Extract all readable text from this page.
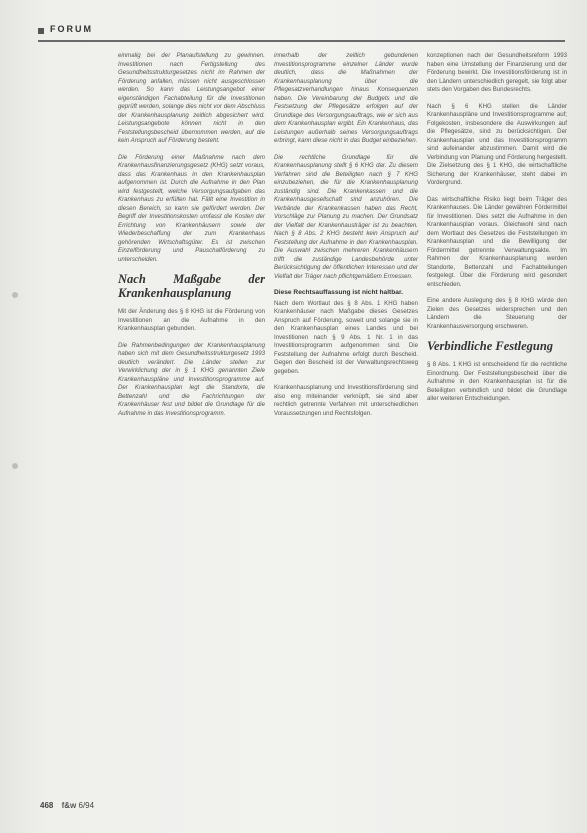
FORUM

einmalig bei der Planaufstellung zu gewinnen. Investitionen nach Fertigstellung des Gesundheitsstrukturgesetzes nicht im Rahmen der Förderung anfallen, müssen nicht ausgeschlossen werden. So kann das Leistungsangebot einer eigenständigen Fachabteilung für die Investitionen geprüft werden, solange dies nicht vor dem Abschluss der Krankenhausplanung zeitlich abgesichert wird. Leistungsangebote können nicht in den Feststellungsbescheid übernommen werden, auf die kein Anspruch auf Förderung besteht.

Die Förderung einer Maßnahme nach dem Krankenhausfinanzierungsgesetz (KHG) setzt voraus, dass das Krankenhaus in den Krankenhausplan aufgenommen ist. Durch die Aufnahme in den Plan wird festgestellt, welche Versorgungsaufgaben das Krankenhaus zu erfüllen hat. Fällt eine Investition in diesen Bereich, so kann sie gefördert werden. Der Begriff der Investitionskosten umfasst die Kosten der Errichtung von Krankenhäusern sowie der Wiederbeschaffung der zum Krankenhaus gehörenden Wirtschaftsgüter. Es ist zwischen Einzelförderung und Pauschalförderung zu unterscheiden.

Nach Maßgabe der Krankenhausplanung

Mit der Änderung des § 8 KHG ist die Förderung von Investitionen an die Aufnahme in den Krankenhausplan gebunden.

Die Rahmenbedingungen der Krankenhausplanung haben sich mit dem Gesundheitsstrukturgesetz 1993 deutlich verändert. Die Länder stellen zur Verwirklichung der in § 1 KHG genannten Ziele Krankenhauspläne und Investitionsprogramme auf. Der Krankenhausplan legt die Standorte, die Bettenzahl und die Fachrichtungen der Krankenhäuser fest und bildet die Grundlage für die Aufnahme in das Investitionsprogramm.

innerhalb der zeitlich gebundenen Investitionsprogramme einzelner Länder wurde deutlich, dass die Maßnahmen der Krankenhausplanung über die Pflegesatzverhandlungen hinaus Konsequenzen haben. Die Vereinbarung der Budgets und die Festsetzung der Pflegesätze erfolgen auf der Grundlage des Versorgungsauftrags, wie er sich aus dem Krankenhausplan ergibt. Ein Krankenhaus, das Leistungen außerhalb seines Versorgungsauftrags erbringt, kann diese nicht in das Budget einbeziehen.

Die rechtliche Grundlage für die Krankenhausplanung stellt § 6 KHG dar. Zu diesem Verfahren sind die Beteiligten nach § 7 KHG einzubeziehen, die für die Krankenhausplanung zuständig sind. Die Krankenkassen und die Krankenhausgesellschaft sind anzuhören. Die Verbände der Krankenkassen haben das Recht, Vorschläge zur Planung zu machen. Der Grundsatz der Vielfalt der Krankenhausträger ist zu beachten. Nach § 8 Abs. 2 KHG besteht kein Anspruch auf Feststellung der Aufnahme in den Krankenhausplan. Die Auswahl zwischen mehreren Krankenhäusern trifft die zuständige Landesbehörde unter Berücksichtigung der öffentlichen Interessen und der Vielfalt der Träger nach pflichtgemäßem Ermessen.

Diese Rechtsauffassung ist nicht haltbar.

Nach dem Wortlaut des § 8 Abs. 1 KHG haben Krankenhäuser nach Maßgabe dieses Gesetzes Anspruch auf Förderung, soweit und solange sie in den Krankenhausplan eines Landes und bei Investitionen nach § 9 Abs. 1 Nr. 1 in das Investitionsprogramm aufgenommen sind. Die Feststellung der Aufnahme erfolgt durch Bescheid. Gegen den Bescheid ist der Verwaltungsrechtsweg gegeben.

Krankenhausplanung und Investitionsförderung sind also eng miteinander verknüpft, sie sind aber rechtlich getrennte Verfahren mit unterschiedlichen Voraussetzungen und Rechtsfolgen.

konzeptionen nach der Gesundheitsreform 1993 haben eine Umstellung der Finanzierung und der Förderung bewirkt. Die Investitionsförderung ist in den Ländern unterschiedlich geregelt, sie folgt aber stets den Vorgaben des Bundesrechts.

Nach § 6 KHG stellen die Länder Krankenhauspläne und Investitionsprogramme auf; Folgekosten, insbesondere die Auswirkungen auf die Pflegesätze, sind zu berücksichtigen. Der Krankenhausplan und das Investitionsprogramm sind aufeinander abzustimmen. Damit wird die Verbindung von Planung und Förderung hergestellt. Die Zielsetzung des § 1 KHG, die wirtschaftliche Sicherung der Krankenhäuser, steht dabei im Vordergrund.

Das wirtschaftliche Risiko liegt beim Träger des Krankenhauses. Die Länder gewähren Fördermittel für Investitionen. Dies setzt die Aufnahme in den Krankenhausplan voraus. Gleichwohl sind nach dem Wortlaut des Gesetzes die Feststellungen im Krankenhausplan und die Bewilligung der Fördermittel getrennte Verwaltungsakte. Im Rahmen der Krankenhausplanung werden Standorte, Bettenzahl und Fachabteilungen festgelegt. Über die Förderung wird gesondert entschieden.

Eine andere Auslegung des § 8 KHG würde den Zielen des Gesetzes widersprechen und den Ländern die Steuerung der Krankenhausversorgung erschweren.

Verbindliche Festlegung

§ 8 Abs. 1 KHG ist entscheidend für die rechtliche Einordnung. Der Feststellungsbescheid über die Aufnahme in den Krankenhausplan ist für die Beteiligten verbindlich und bildet die Grundlage aller weiteren Entscheidungen.

468 f&w 6/94
